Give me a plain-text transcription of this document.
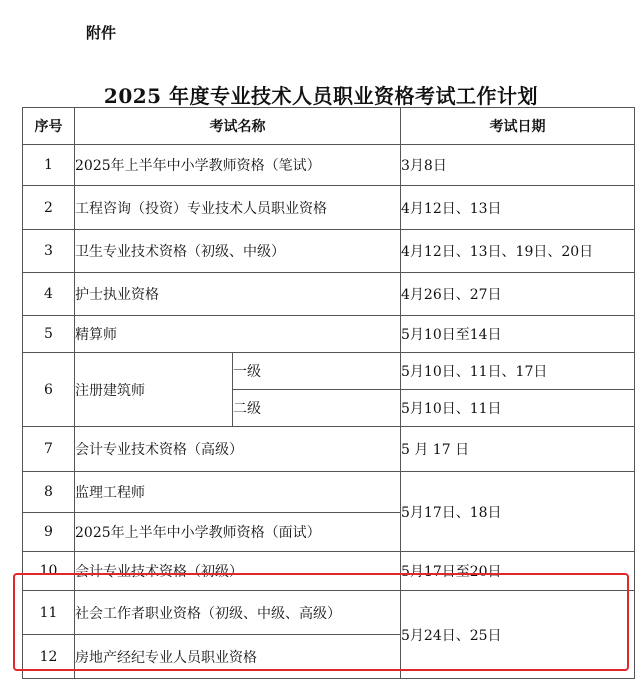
附件
2025 年度专业技术人员职业资格考试工作计划
序号	考试名称		考试日期
1	2025年上半年中小学教师资格（笔试）		3月8日
2	工程咨询（投资）专业技术人员职业资格		4月12日、13日
3	卫生专业技术资格（初级、中级）		4月12日、13日、19日、20日
4	护士执业资格		4月26日、27日
5	精算师		5月10日至14日
6	注册建筑师	一级	5月10日、11日、17日
		二级	5月10日、11日
7	会计专业技术资格（高级）		5 月 17 日
8	监理工程师		5月17日、18日
9	2025年上半年中小学教师资格（面试）		
10	会计专业技术资格（初级）		5月17日至20日
11	社会工作者职业资格（初级、中级、高级）		5月24日、25日
12	房地产经纪专业人员职业资格		
